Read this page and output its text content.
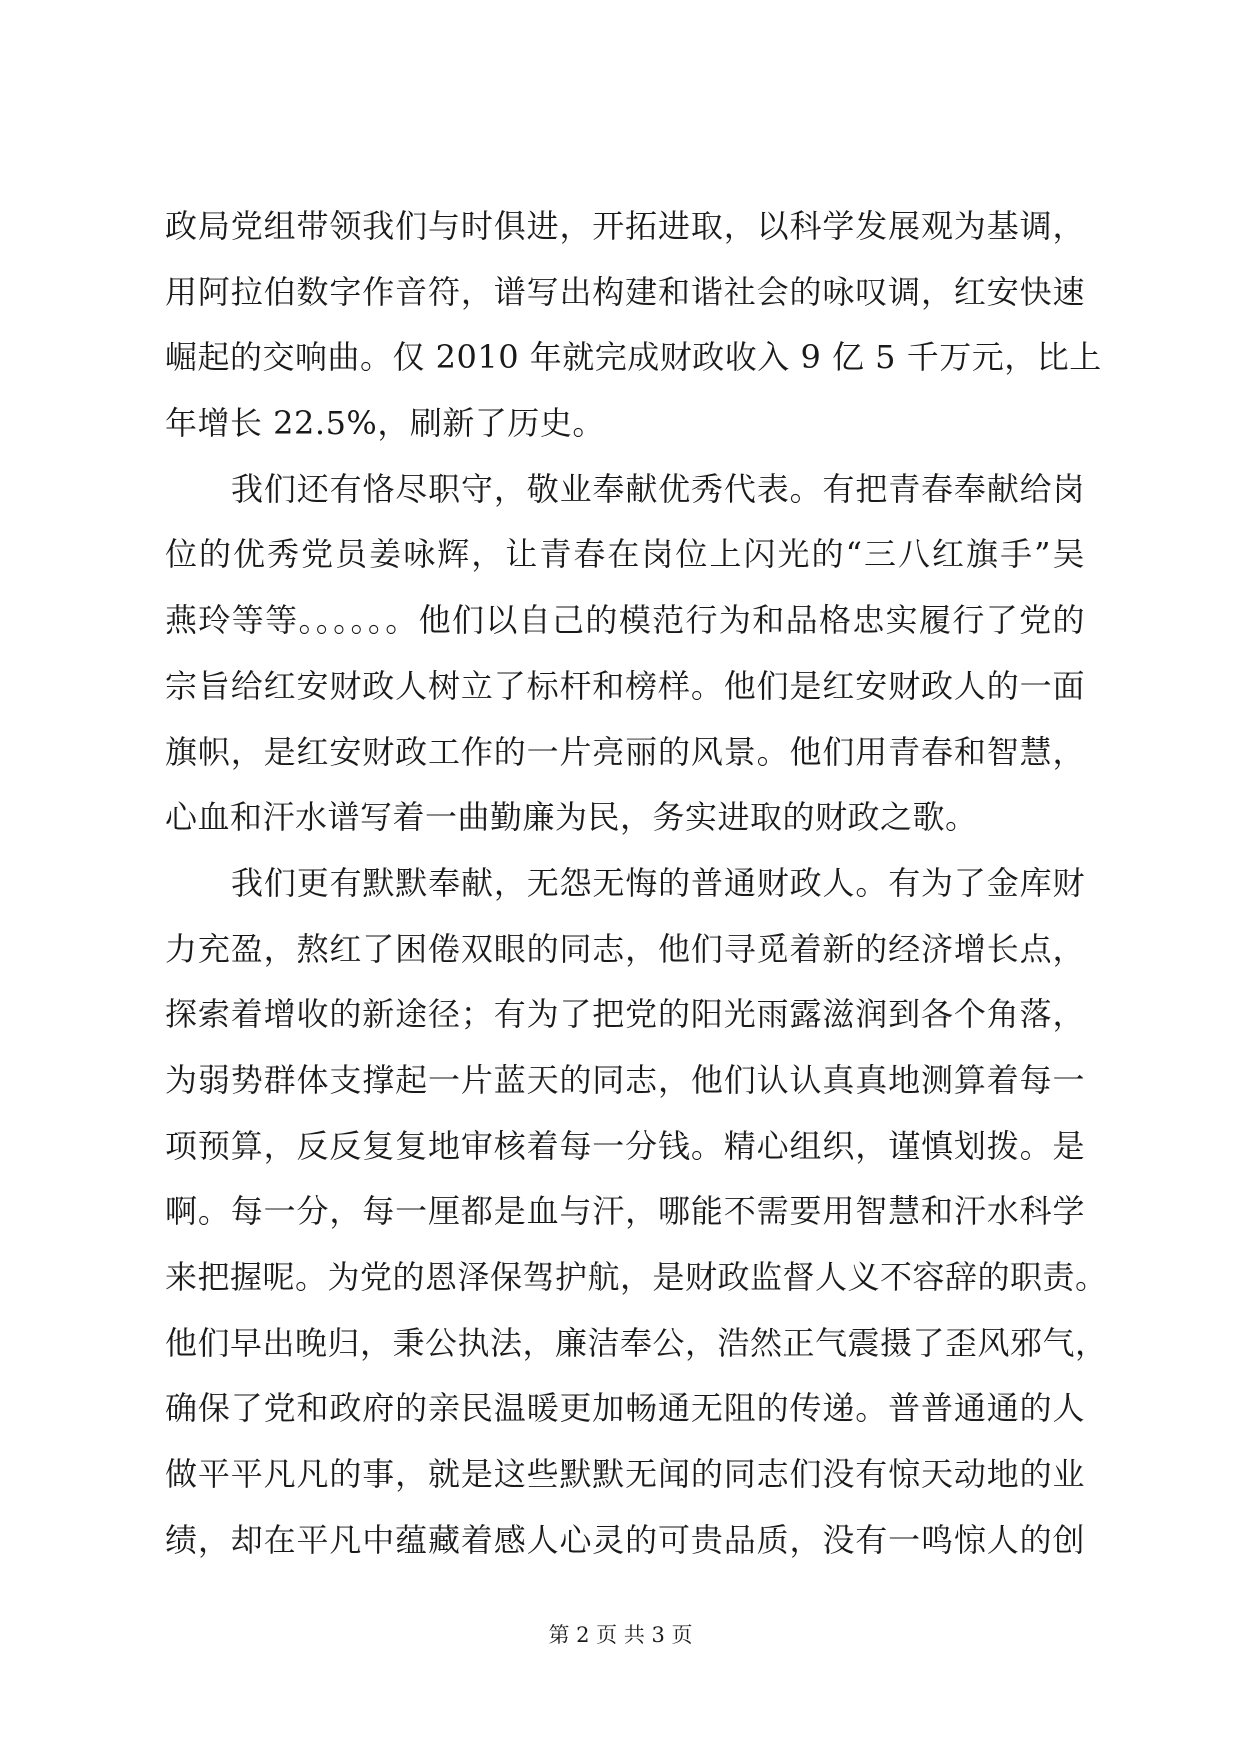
政局党组带领我们与时俱进，开拓进取，以科学发展观为基调，
用阿拉伯数字作音符，谱写出构建和谐社会的咏叹调，红安快速
崛起的交响曲。仅 2010 年就完成财政收入 9 亿 5 千万元，比上
年增长 22.5%，刷新了历史。
我们还有恪尽职守，敬业奉献优秀代表。有把青春奉献给岗
位的优秀党员姜咏辉，让青春在岗位上闪光的“三八红旗手”吴
燕玲等等。。。。。。他们以自己的模范行为和品格忠实履行了党的
宗旨给红安财政人树立了标杆和榜样。他们是红安财政人的一面
旗帜，是红安财政工作的一片亮丽的风景。他们用青春和智慧，
心血和汗水谱写着一曲勤廉为民，务实进取的财政之歌。
我们更有默默奉献，无怨无悔的普通财政人。有为了金库财
力充盈，熬红了困倦双眼的同志，他们寻觅着新的经济增长点，
探索着增收的新途径；有为了把党的阳光雨露滋润到各个角落，
为弱势群体支撑起一片蓝天的同志，他们认认真真地测算着每一
项预算，反反复复地审核着每一分钱。精心组织，谨慎划拨。是
啊。每一分，每一厘都是血与汗，哪能不需要用智慧和汗水科学
来把握呢。为党的恩泽保驾护航，是财政监督人义不容辞的职责。
他们早出晚归，秉公执法，廉洁奉公，浩然正气震摄了歪风邪气，
确保了党和政府的亲民温暖更加畅通无阻的传递。普普通通的人
做平平凡凡的事，就是这些默默无闻的同志们没有惊天动地的业
绩，却在平凡中蕴藏着感人心灵的可贵品质，没有一鸣惊人的创
第 2 页 共 3 页
